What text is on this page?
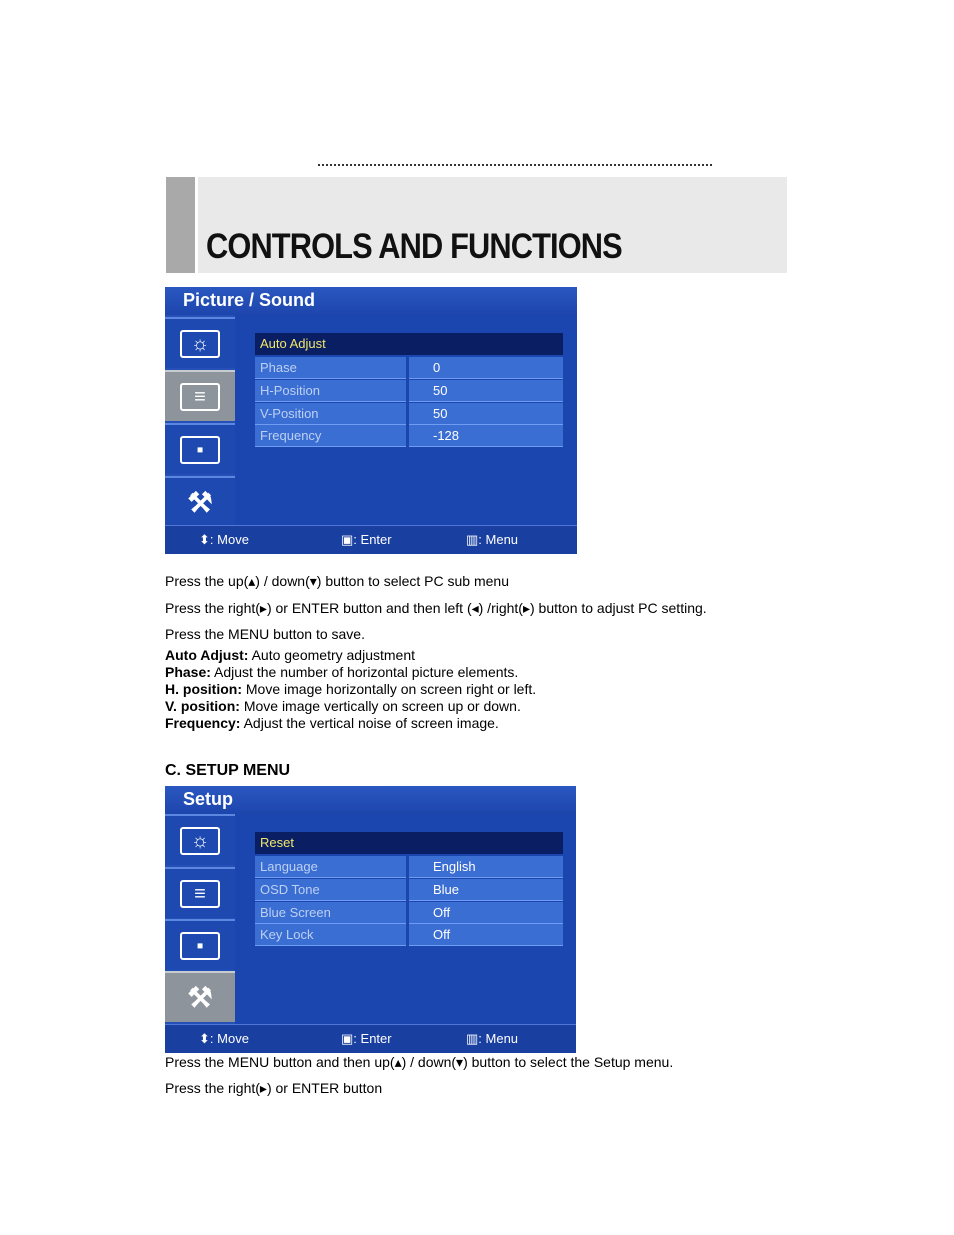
CONTROLS AND FUNCTIONS
Picture / Sound
☼
≡
▪
⚒
Auto Adjust
Phase	0
H-Position	50
V-Position	50
Frequency	-128
⬍: Move	▣: Enter	▥: Menu
Press the up(▴) / down(▾) button to select PC sub menu
Press the right(▸) or ENTER button and then left (◂) /right(▸) button to adjust PC setting.
Press the MENU button to save.
Auto Adjust: Auto geometry adjustment
Phase: Adjust the number of horizontal picture elements.
H. position: Move image horizontally on screen right or left.
V. position: Move image vertically on screen up or down.
Frequency: Adjust the vertical noise of screen image.
C. SETUP MENU
Setup
☼
≡
▪
⚒
Reset
Language	English
OSD Tone	Blue
Blue Screen	Off
Key Lock	Off
⬍: Move	▣: Enter	▥: Menu
Press the MENU button and then up(▴) / down(▾) button to select the Setup menu.
Press the right(▸) or ENTER button
